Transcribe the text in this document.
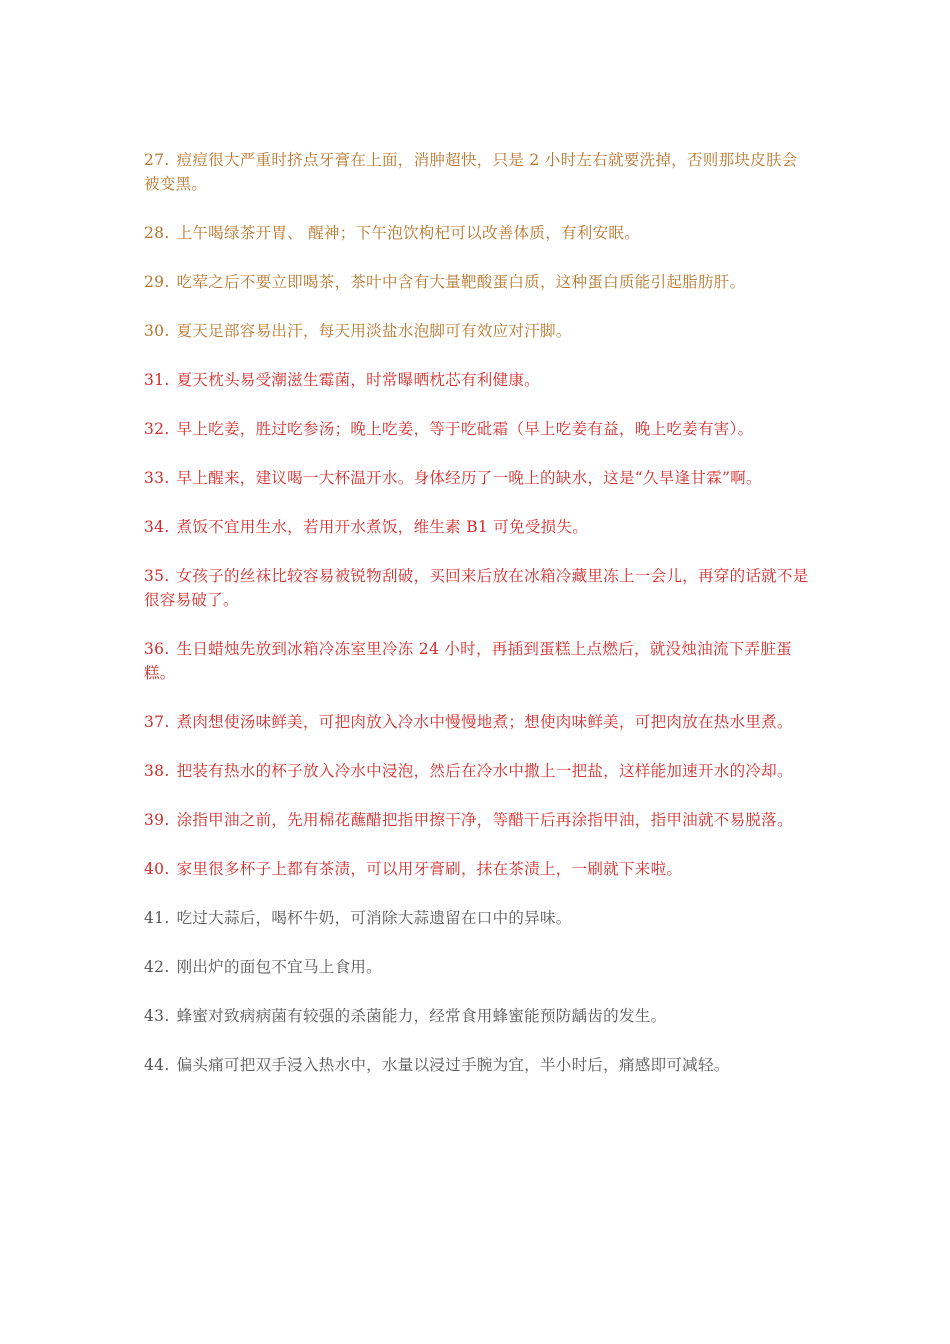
27. 痘痘很大严重时挤点牙膏在上面，消肿超快，只是 2 小时左右就要洗掉，否则那块皮肤会被变黑。

28. 上午喝绿茶开胃、 醒神；下午泡饮枸杞可以改善体质，有利安眠。

29. 吃荤之后不要立即喝茶，茶叶中含有大量靶酸蛋白质，这种蛋白质能引起脂肪肝。

30. 夏天足部容易出汗，每天用淡盐水泡脚可有效应对汗脚。

31. 夏天枕头易受潮滋生霉菌，时常曝晒枕芯有利健康。

32. 早上吃姜，胜过吃参汤；晚上吃姜，等于吃砒霜（早上吃姜有益，晚上吃姜有害）。

33. 早上醒来，建议喝一大杯温开水。身体经历了一晚上的缺水，这是“久旱逢甘霖”啊。

34. 煮饭不宜用生水，若用开水煮饭，维生素 B1 可免受损失。

35. 女孩子的丝袜比较容易被锐物刮破，买回来后放在冰箱冷藏里冻上一会儿，再穿的话就不是很容易破了。

36. 生日蜡烛先放到冰箱冷冻室里冷冻 24 小时，再插到蛋糕上点燃后，就没烛油流下弄脏蛋糕。

37. 煮肉想使汤味鲜美，可把肉放入冷水中慢慢地煮；想使肉味鲜美，可把肉放在热水里煮。

38. 把装有热水的杯子放入冷水中浸泡，然后在冷水中撒上一把盐，这样能加速开水的冷却。

39. 涂指甲油之前，先用棉花蘸醋把指甲擦干净，等醋干后再涂指甲油，指甲油就不易脱落。

40. 家里很多杯子上都有茶渍，可以用牙膏刷，抹在茶渍上，一刷就下来啦。

41. 吃过大蒜后，喝杯牛奶，可消除大蒜遗留在口中的异味。

42. 刚出炉的面包不宜马上食用。

43. 蜂蜜对致病病菌有较强的杀菌能力，经常食用蜂蜜能预防龋齿的发生。

44. 偏头痛可把双手浸入热水中，水量以浸过手腕为宜，半小时后，痛感即可减轻。
